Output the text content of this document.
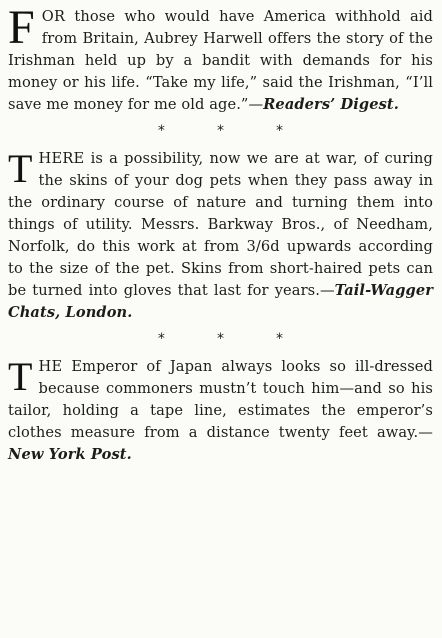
FOR those who would have America withhold aid from Britain, Aubrey Harwell offers the story of the Irishman held up by a bandit with demands for his money or his life. “Take my life,” said the Irishman, “I’ll save me money for me old age.”—Readers’ Digest.

*	*	*

THERE is a possibility, now we are at war, of curing the skins of your dog pets when they pass away in the ordinary course of nature and turning them into things of utility. Messrs. Barkway Bros., of Needham, Norfolk, do this work at from 3/6d upwards according to the size of the pet. Skins from short-haired pets can be turned into gloves that last for years.—Tail-Wagger Chats, London.

*	*	*

THE Emperor of Japan always looks so ill-dressed because commoners mustn’t touch him—and so his tailor, holding a tape line, estimates the emperor’s clothes measure from a distance twenty feet away.—New York Post.
